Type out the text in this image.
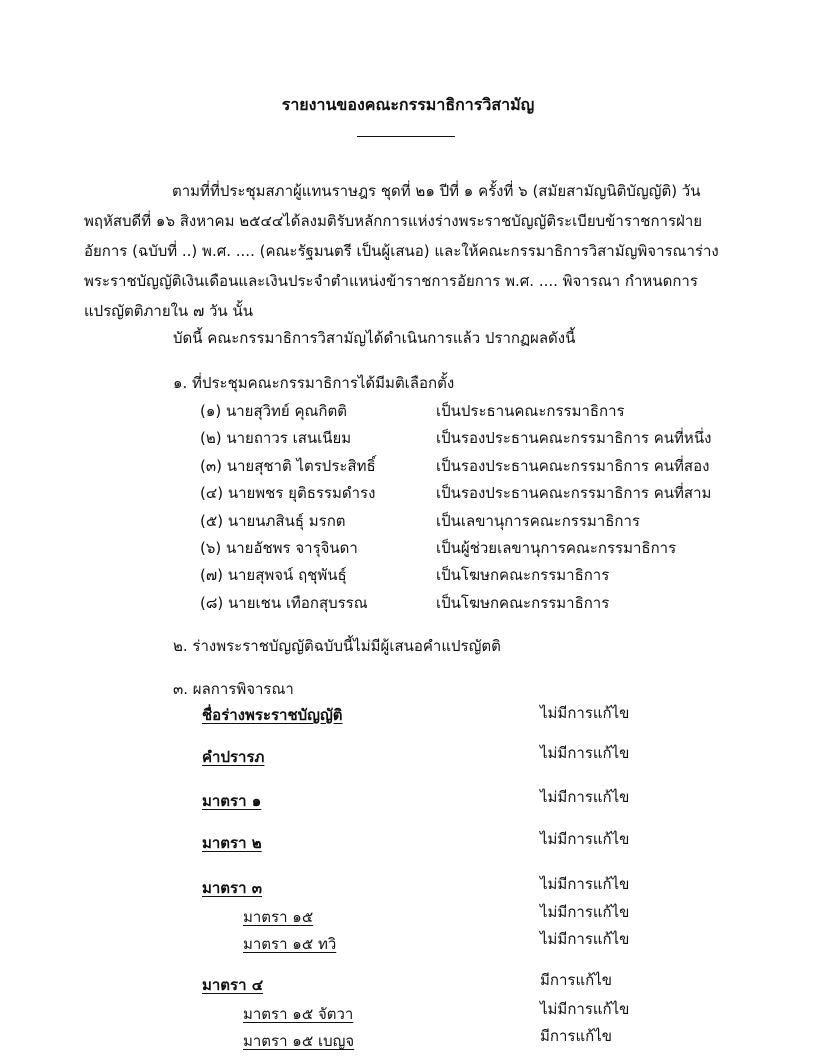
รายงานของคณะกรรมาธิการวิสามัญ
ตามที่ที่ประชุมสภาผู้แทนราษฎร ชุดที่ ๒๑ ปีที่ ๑ ครั้งที่ ๖ (สมัยสามัญนิติบัญญัติ) วันพฤหัสบดีที่ ๑๖ สิงหาคม ๒๕๔๔ได้ลงมติรับหลักการแห่งร่างพระราชบัญญัติระเบียบข้าราชการฝ่ายอัยการ (ฉบับที่ ..) พ.ศ. .... (คณะรัฐมนตรี เป็นผู้เสนอ) และให้คณะกรรมาธิการวิสามัญพิจารณาร่างพระราชบัญญัติเงินเดือนและเงินประจำตำแหน่งข้าราชการอัยการ พ.ศ. .... พิจารณา กำหนดการแปรญัตติภายใน ๗ วัน นั้น
บัดนี้ คณะกรรมาธิการวิสามัญได้ดำเนินการแล้ว ปรากฏผลดังนี้
๑. ที่ประชุมคณะกรรมาธิการได้มีมติเลือกตั้ง
(๑) นายสุวิทย์ คุณกิตติ	เป็นประธานคณะกรรมาธิการ
(๒) นายถาวร เสนเนียม	เป็นรองประธานคณะกรรมาธิการ คนที่หนึ่ง
(๓) นายสุชาติ ไตรประสิทธิ์	เป็นรองประธานคณะกรรมาธิการ คนที่สอง
(๔) นายพชร ยุติธรรมดำรง	เป็นรองประธานคณะกรรมาธิการ คนที่สาม
(๕) นายนภสินธุ์ มรกต	เป็นเลขานุการคณะกรรมาธิการ
(๖) นายอัชพร จารุจินดา	เป็นผู้ช่วยเลขานุการคณะกรรมาธิการ
(๗) นายสุพจน์ ฤชุพันธุ์	เป็นโฆษกคณะกรรมาธิการ
(๘) นายเชน เทือกสุบรรณ	เป็นโฆษกคณะกรรมาธิการ
๒. ร่างพระราชบัญญัติฉบับนี้ไม่มีผู้เสนอคำแปรญัตติ
๓. ผลการพิจารณา
ชื่อร่างพระราชบัญญัติ	ไม่มีการแก้ไข
คำปรารภ	ไม่มีการแก้ไข
มาตรา ๑	ไม่มีการแก้ไข
มาตรา ๒	ไม่มีการแก้ไข
มาตรา ๓	ไม่มีการแก้ไข
มาตรา ๑๕	ไม่มีการแก้ไข
มาตรา ๑๕ ทวิ	ไม่มีการแก้ไข
มาตรา ๔	มีการแก้ไข
มาตรา ๑๕ จัตวา	ไม่มีการแก้ไข
มาตรา ๑๕ เบญจ	มีการแก้ไข
